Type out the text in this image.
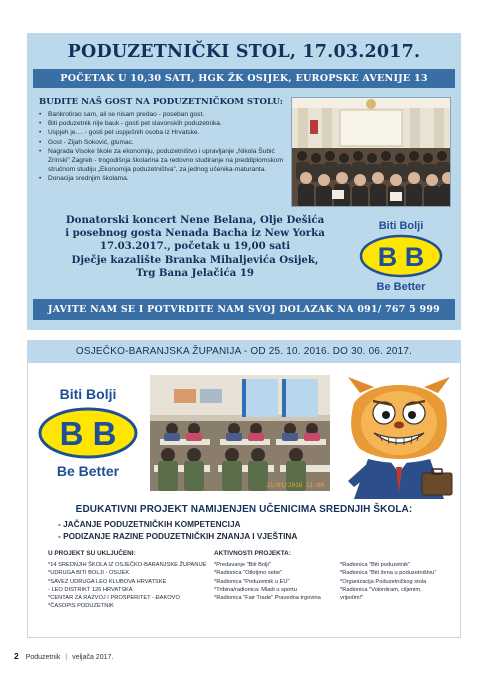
PODUZETNIČKI STOL, 17.03.2017.
POČETAK U 10,30 SATI, HGK ŽK OSIJEK, EUROPSKE AVENIJE 13
BUDITE NAŠ GOST NA PODUZETNIČKOM STOLU:
• Bankrotirao sam, ali se nisam predao - poseban gost.
• Biti poduzetnik nije bauk - gosti pet slavonskih poduzetnika.
• Uspjeh je.... - gosti pet uspješnih osoba iz Hrvatske.
• Gost - Zijah Soković, glumac.
• Nagrada Visoke škole za ekonomiju, poduzetništvo i upravljanje „Nikola Šubić Zrinski" Zagreb - trogodišnja školarina za redovno studiranje na preddiplomskom stručnom studiju „Ekonomija poduzetništva", za jednog učenika-maturanta.
• Donacija srednjim školama.
Donatorski koncert Nene Belana, Olje Dešića
i posebnog gosta Nenada Bacha iz New Yorka
17.03.2017., početak u 19,00 sati
Dječje kazalište Branka Mihaljevića Osijek,
Trg Bana Jelačića 19
Biti Bolji
B B
Be Better
JAVITE NAM SE I POTVRDITE NAM SVOJ DOLAZAK NA 091/ 767 5 999
OSJEČKO-BARANJSKA ŽUPANIJA - OD 25. 10. 2016. DO 30. 06. 2017.
Biti Bolji
B B
Be Better
21/01/2016 11:00
EDUKATIVNI PROJEKT NAMIJENJEN UČENICIMA SREDNJIH ŠKOLA:
- JAČANJE PODUZETNIČKIH KOMPETENCIJA
- PODIZANJE RAZINE PODUZETNIČKIH ZNANJA I VJEŠTINA
U PROJEKT SU UKLJUČENI:	AKTIVNOSTI PROJEKTA:
*14 SREDNJIH ŠKOLA IZ OSJEČKO-BARANJSKE ŽUPANIJE
*UDRUGA BITI BOLJI - OSIJEK
*SAVEZ UDRUGA LEO KLUBOVA HRVATSKE
- LEO DISTRIKT 126 HRVATSKA
*CENTAR ZA RAZVOJ I PROSPERITET - ĐAKOVO
*ČASOPIS PODUZETNIK
*Predavanje "Biti Bolji"
*Radionica "Otkrijmo sebe"
*Radionica "Poduzetnik u EU"
*Tribina/radionica: Mladi u sportu
*Radionica "Fair Trade" Pravedna trgovina
*Radionica "Biti poduzetnik"
*Radionica "Biti žena u poduzetništvu"
*Organizacija Poduzetničkog stola
*Radionica "Volontiram, ciljenim,
vrijedim!"
2 Poduzetnik | veljača 2017.
